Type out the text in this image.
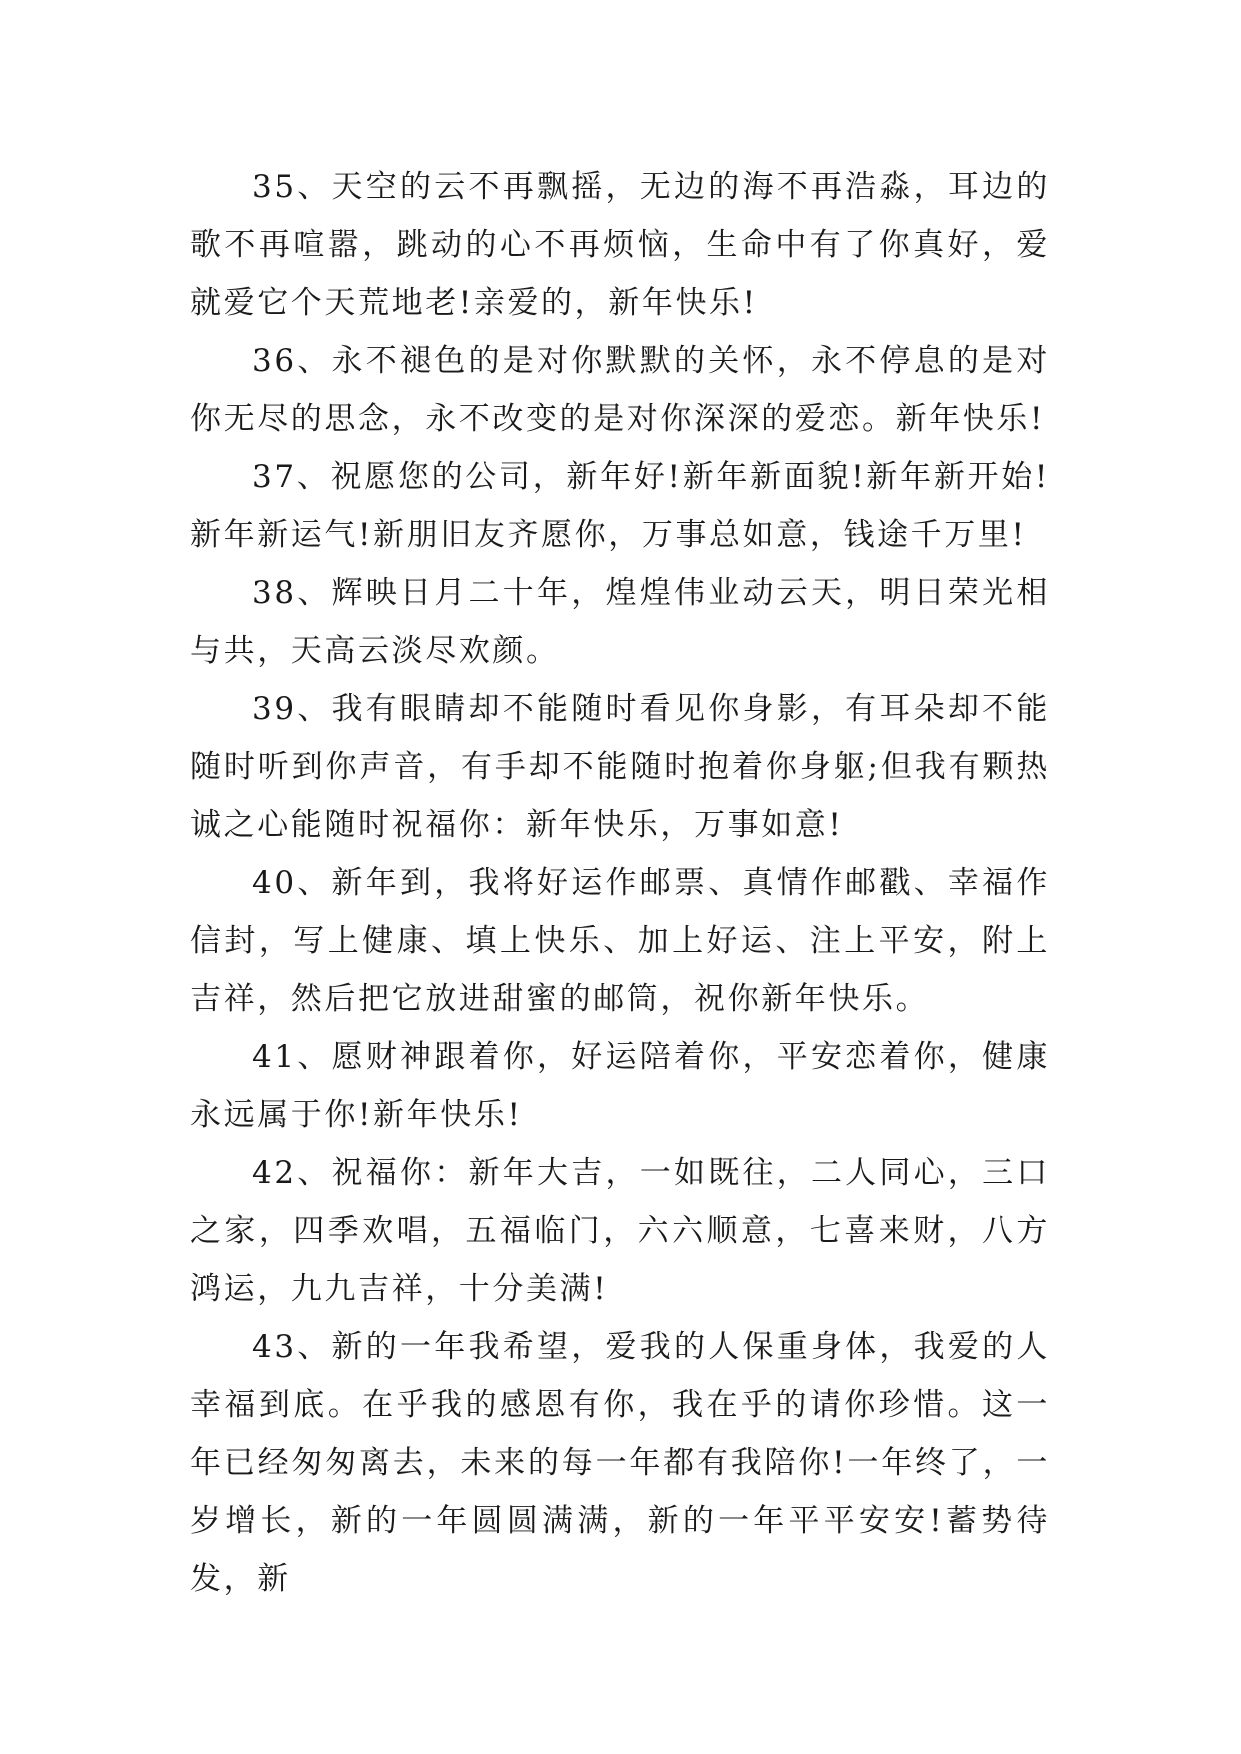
35、天空的云不再飘摇，无边的海不再浩淼，耳边的歌不再喧嚣，跳动的心不再烦恼，生命中有了你真好，爱就爱它个天荒地老!亲爱的，新年快乐!

36、永不褪色的是对你默默的关怀，永不停息的是对你无尽的思念，永不改变的是对你深深的爱恋。新年快乐!

37、祝愿您的公司，新年好!新年新面貌!新年新开始!新年新运气!新朋旧友齐愿你，万事总如意，钱途千万里!

38、辉映日月二十年，煌煌伟业动云天，明日荣光相与共，天高云淡尽欢颜。

39、我有眼睛却不能随时看见你身影，有耳朵却不能随时听到你声音，有手却不能随时抱着你身躯;但我有颗热诚之心能随时祝福你：新年快乐，万事如意!

40、新年到，我将好运作邮票、真情作邮戳、幸福作信封，写上健康、填上快乐、加上好运、注上平安，附上吉祥，然后把它放进甜蜜的邮筒，祝你新年快乐。

41、愿财神跟着你，好运陪着你，平安恋着你，健康永远属于你!新年快乐!

42、祝福你：新年大吉，一如既往，二人同心，三口之家，四季欢唱，五福临门，六六顺意，七喜来财，八方鸿运，九九吉祥，十分美满!

43、新的一年我希望，爱我的人保重身体，我爱的人幸福到底。在乎我的感恩有你，我在乎的请你珍惜。这一年已经匆匆离去，未来的每一年都有我陪你!一年终了，一岁增长，新的一年圆圆满满，新的一年平平安安!蓄势待发，新
